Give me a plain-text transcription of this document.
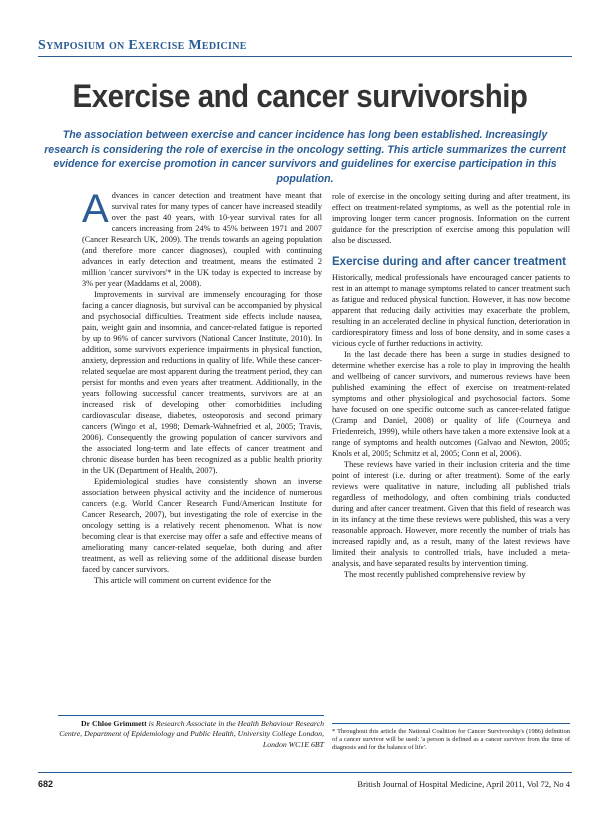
Symposium on Exercise Medicine
Exercise and cancer survivorship
The association between exercise and cancer incidence has long been established. Increasingly research is considering the role of exercise in the oncology setting. This article summarizes the current evidence for exercise promotion in cancer survivors and guidelines for exercise participation in this population.

Advances in cancer detection and treatment have meant that survival rates for many types of cancer have increased steadily over the past 40 years, with 10-year survival rates for all cancers increasing from 24% to 45% between 1971 and 2007 (Cancer Research UK, 2009). The trends towards an ageing population (and therefore more cancer diagnoses), coupled with continuing advances in early detection and treatment, means the estimated 2 million 'cancer survivors'* in the UK today is expected to increase by 3% per year (Maddams et al, 2008).

Improvements in survival are immensely encouraging for those facing a cancer diagnosis, but survival can be accompanied by physical and psychosocial difficulties. Treatment side effects include nausea, pain, weight gain and insomnia, and cancer-related fatigue is reported by up to 96% of cancer survivors (National Cancer Institute, 2010). In addition, some survivors experience impairments in physical function, anxiety, depression and reductions in quality of life. While these cancer-related sequelae are most apparent during the treatment period, they can persist for months and even years after treatment. Additionally, in the years following successful cancer treatments, survivors are at an increased risk of developing other comorbidities including cardiovascular disease, diabetes, osteoporosis and second primary cancers (Wingo et al, 1998; Demark-Wahnefried et al, 2005; Travis, 2006). Consequently the growing population of cancer survivors and the associated long-term and late effects of cancer treatment and chronic disease burden has been recognized as a public health priority in the UK (Department of Health, 2007).

Epidemiological studies have consistently shown an inverse association between physical activity and the incidence of numerous cancers (e.g. World Cancer Research Fund/American Institute for Cancer Research, 2007), but investigating the role of exercise in the oncology setting is a relatively recent phenomenon. What is now becoming clear is that exercise may offer a safe and effective means of ameliorating many cancer-related sequelae, both during and after treatment, as well as relieving some of the additional disease burden faced by cancer survivors.

This article will comment on current evidence for the

role of exercise in the oncology setting during and after treatment, its effect on treatment-related symptoms, as well as the potential role in improving longer term cancer prognosis. Information on the current guidance for the prescription of exercise among this population will also be discussed.

Exercise during and after cancer treatment

Historically, medical professionals have encouraged cancer patients to rest in an attempt to manage symptoms related to cancer treatment such as fatigue and reduced physical function. However, it has now become apparent that reducing daily activities may exacerbate the problem, resulting in an accelerated decline in physical function, deterioration in cardiorespiratory fitness and loss of bone density, and in some cases a vicious cycle of further reductions in activity.

In the last decade there has been a surge in studies designed to determine whether exercise has a role to play in improving the health and wellbeing of cancer survivors, and numerous reviews have been published examining the effect of exercise on treatment-related symptoms and other physiological and psychosocial factors. Some have focused on one specific outcome such as cancer-related fatigue (Cramp and Daniel, 2008) or quality of life (Courneya and Friedenreich, 1999), while others have taken a more extensive look at a range of symptoms and health outcomes (Galvao and Newton, 2005; Knols et al, 2005; Schmitz et al, 2005; Conn et al, 2006).

These reviews have varied in their inclusion criteria and the time point of interest (i.e. during or after treatment). Some of the early reviews were qualitative in nature, including all published trials regardless of methodology, and often combining trials conducted during and after cancer treatment. Given that this field of research was in its infancy at the time these reviews were published, this was a very reasonable approach. However, more recently the number of trials has increased rapidly and, as a result, many of the latest reviews have limited their analysis to controlled trials, have included a meta-analysis, and have separated results by intervention timing.

The most recently published comprehensive review by

Dr Chloe Grimmett is Research Associate in the Health Behaviour Research Centre, Department of Epidemiology and Public Health, University College London, London WC1E 6BT
* Throughout this article the National Coalition for Cancer Survivorship's (1986) definition of a cancer survivor will be used: 'a person is defined as a cancer survivor from the time of diagnosis and for the balance of life'.
682	British Journal of Hospital Medicine, April 2011, Vol 72, No 4
